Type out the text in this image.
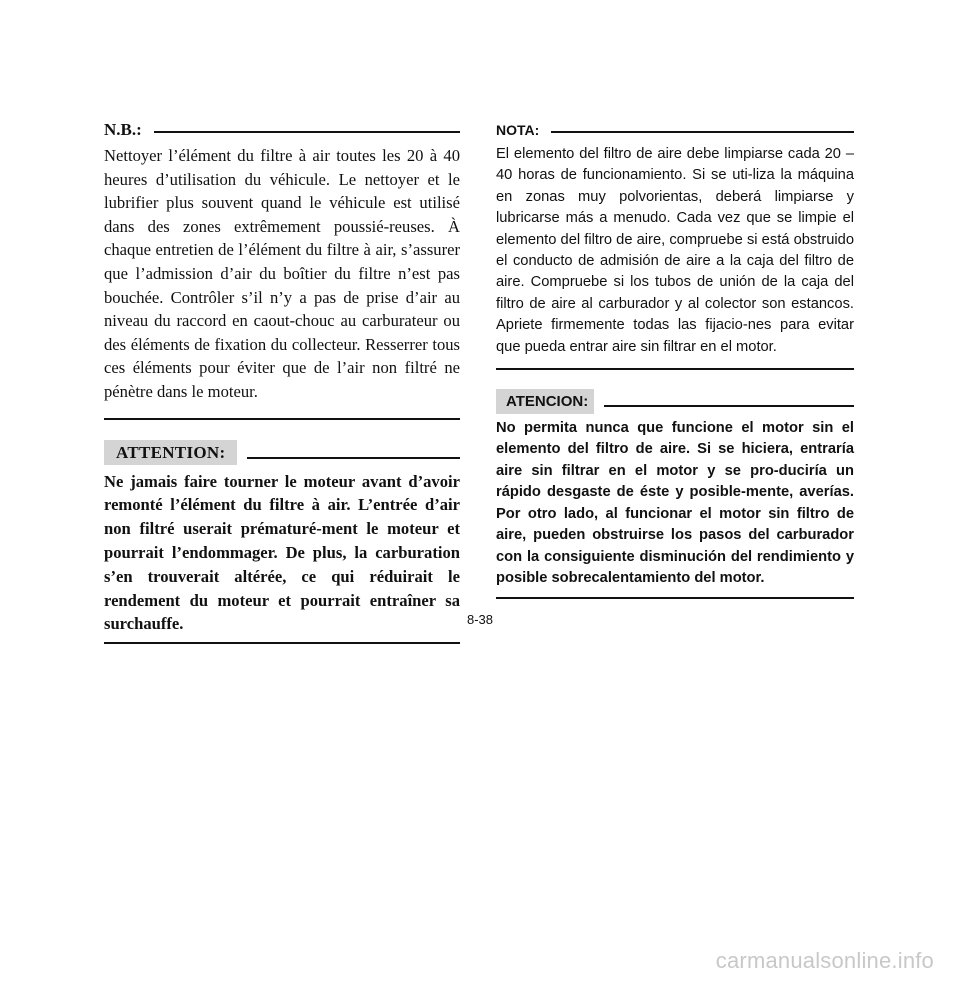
N.B.:

Nettoyer l’élément du filtre à air toutes les 20 à 40 heures d’utilisation du véhicule. Le nettoyer et le lubrifier plus souvent quand le véhicule est utilisé dans des zones extrêmement poussié-reuses. À chaque entretien de l’élément du filtre à air, s’assurer que l’admission d’air du boîtier du filtre n’est pas bouchée. Contrôler s’il n’y a pas de prise d’air au niveau du raccord en caout-chouc au carburateur ou des éléments de fixation du collecteur. Resserrer tous ces éléments pour éviter que de l’air non filtré ne pénètre dans le moteur.

ATTENTION:

Ne jamais faire tourner le moteur avant d’avoir remonté l’élément du filtre à air. L’entrée d’air non filtré userait prématuré-ment le moteur et pourrait l’endommager. De plus, la carburation s’en trouverait altérée, ce qui réduirait le rendement du moteur et pourrait entraîner sa surchauffe.

NOTA:

El elemento del filtro de aire debe limpiarse cada 20 – 40 horas de funcionamiento. Si se uti-liza la máquina en zonas muy polvorientas, deberá limpiarse y lubricarse más a menudo. Cada vez que se limpie el elemento del filtro de aire, compruebe si está obstruido el conducto de admisión de aire a la caja del filtro de aire. Compruebe si los tubos de unión de la caja del filtro de aire al carburador y al colector son estancos. Apriete firmemente todas las fijacio-nes para evitar que pueda entrar aire sin filtrar en el motor.

ATENCION:

No permita nunca que funcione el motor sin el elemento del filtro de aire. Si se hiciera, entraría aire sin filtrar en el motor y se pro-duciría un rápido desgaste de éste y posible-mente, averías. Por otro lado, al funcionar el motor sin filtro de aire, pueden obstruirse los pasos del carburador con la consiguiente disminución del rendimiento y posible sobrecalentamiento del motor.

8-38
carmanualsonline.info
